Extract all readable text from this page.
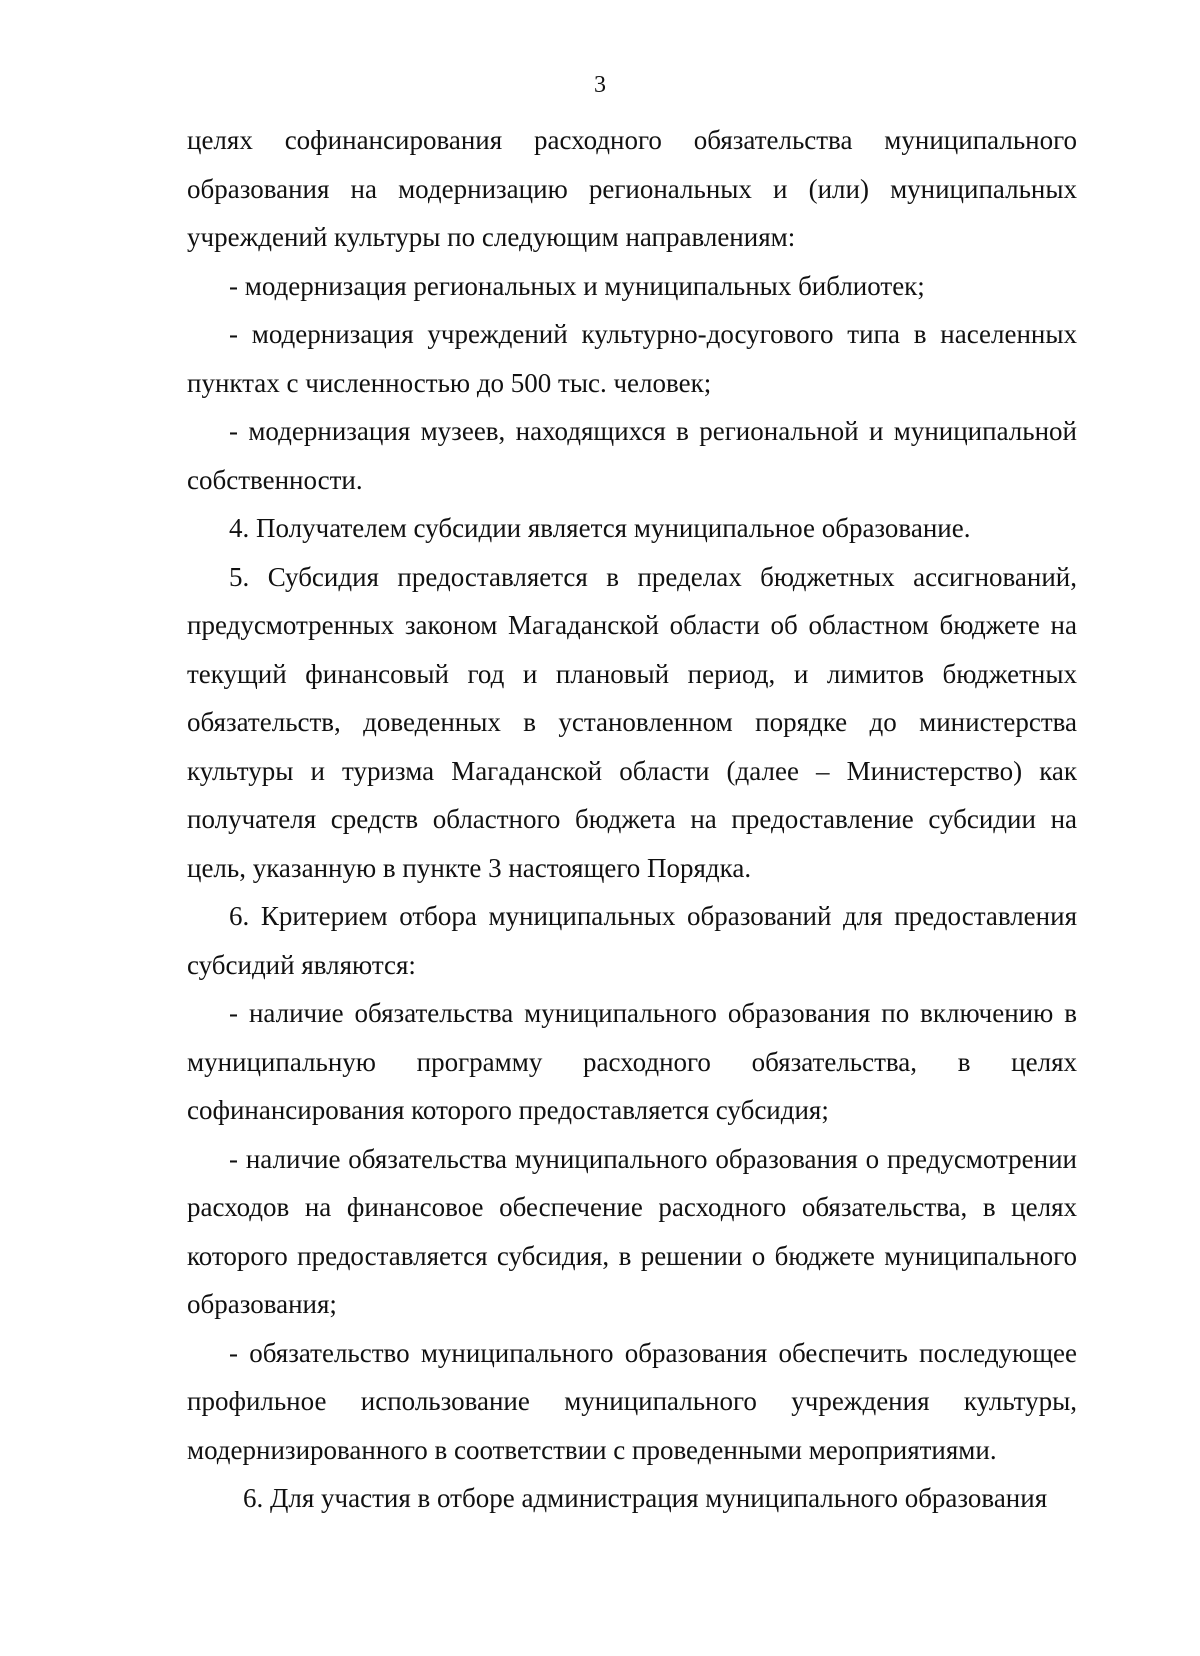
3

целях софинансирования расходного обязательства муниципального образования на модернизацию региональных и (или) муниципальных учреждений культуры по следующим направлениям:

- модернизация региональных и муниципальных библиотек;

- модернизация учреждений культурно-досугового типа в населенных пунктах с численностью до 500 тыс. человек;

- модернизация музеев, находящихся в региональной и муниципальной собственности.

4. Получателем субсидии является муниципальное образование.

5. Субсидия предоставляется в пределах бюджетных ассигнований, предусмотренных законом Магаданской области об областном бюджете на текущий финансовый год и плановый период, и лимитов бюджетных обязательств, доведенных в установленном порядке до министерства культуры и туризма Магаданской области (далее – Министерство) как получателя средств областного бюджета на предоставление субсидии на цель, указанную в пункте 3 настоящего Порядка.

6. Критерием отбора муниципальных образований для предоставления субсидий являются:

- наличие обязательства муниципального образования по включению в муниципальную программу расходного обязательства, в целях софинансирования которого предоставляется субсидия;

- наличие обязательства муниципального образования о предусмотрении расходов на финансовое обеспечение расходного обязательства, в целях которого предоставляется субсидия, в решении о бюджете муниципального образования;

- обязательство муниципального образования обеспечить последующее профильное использование муниципального учреждения культуры, модернизированного в соответствии с проведенными мероприятиями.

6. Для участия в отборе администрация муниципального образования
